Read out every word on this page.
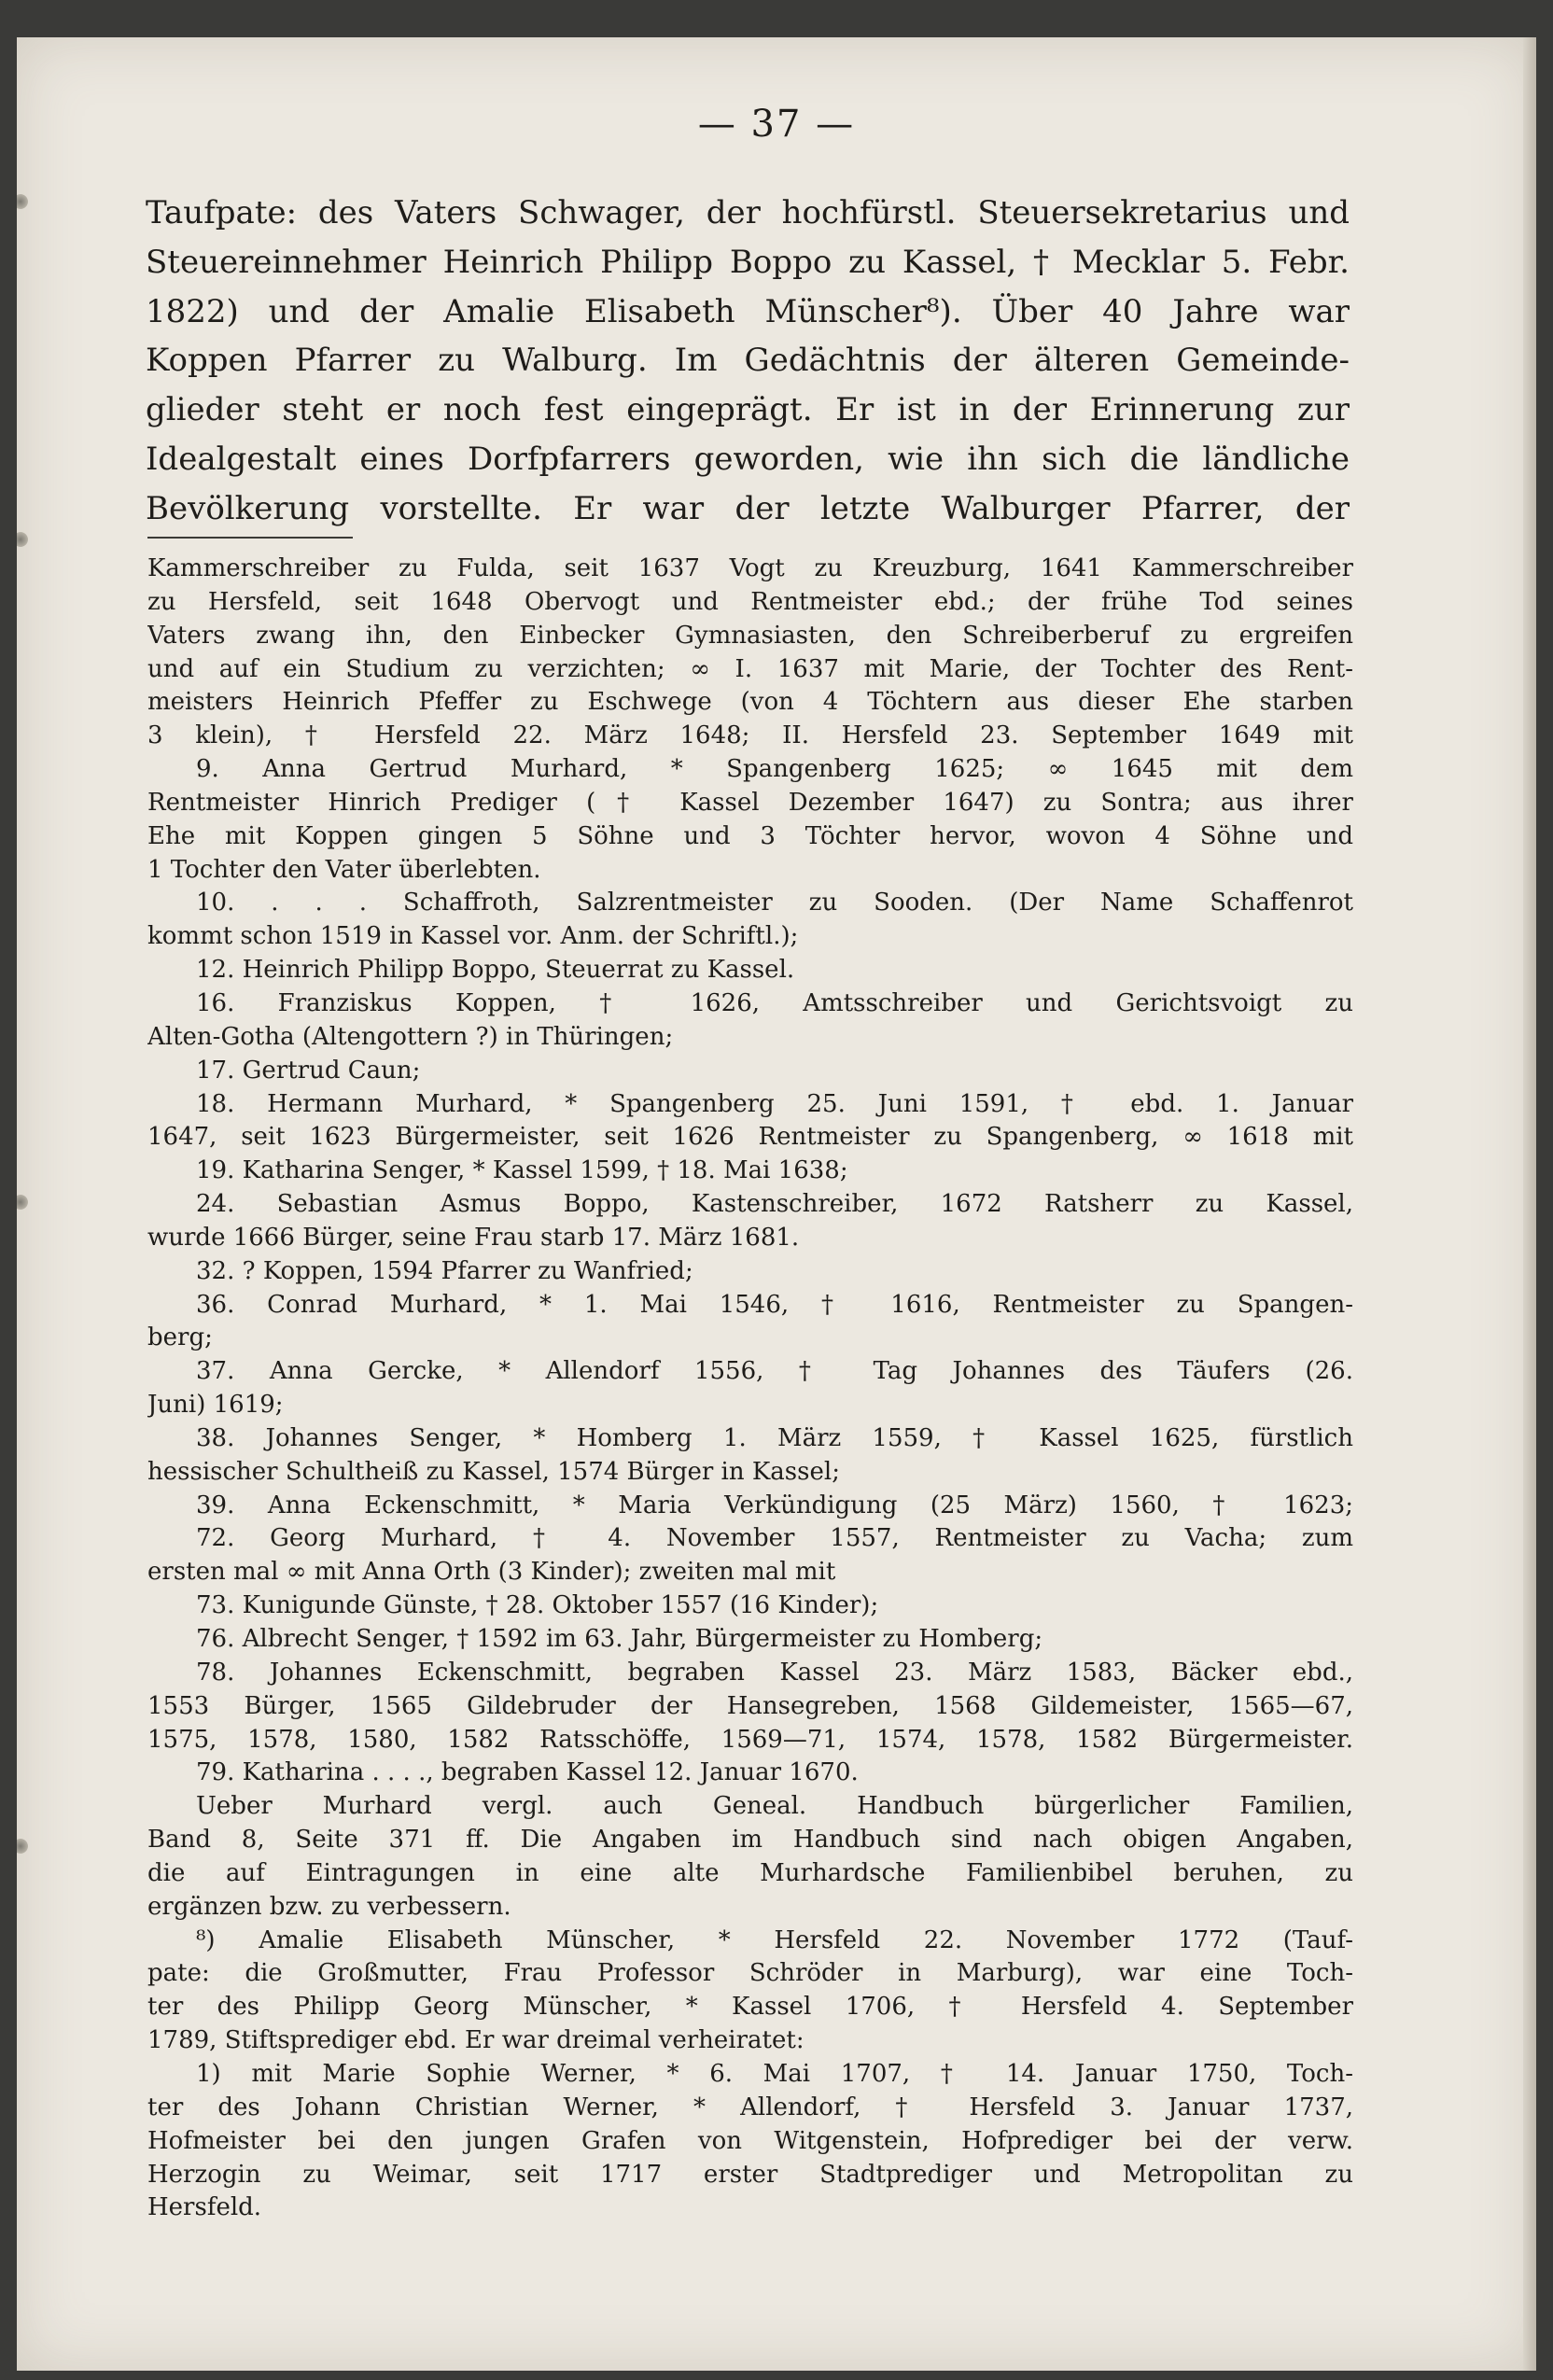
— 37 —
Taufpate: des Vaters Schwager, der hochfürstl. Steuersekretarius und
Steuereinnehmer Heinrich Philipp Boppo zu Kassel, † Mecklar 5. Febr.
1822) und der Amalie Elisabeth Münscher⁸). Über 40 Jahre war
Koppen Pfarrer zu Walburg. Im Gedächtnis der älteren Gemeinde-
glieder steht er noch fest eingeprägt. Er ist in der Erinnerung zur
Idealgestalt eines Dorfpfarrers geworden, wie ihn sich die ländliche
Bevölkerung vorstellte. Er war der letzte Walburger Pfarrer, der
Kammerschreiber zu Fulda, seit 1637 Vogt zu Kreuzburg, 1641 Kammerschreiber
zu Hersfeld, seit 1648 Obervogt und Rentmeister ebd.; der frühe Tod seines
Vaters zwang ihn, den Einbecker Gymnasiasten, den Schreiberberuf zu ergreifen
und auf ein Studium zu verzichten; ∞ I. 1637 mit Marie, der Tochter des Rent-
meisters Heinrich Pfeffer zu Eschwege (von 4 Töchtern aus dieser Ehe starben
3 klein), † Hersfeld 22. März 1648; II. Hersfeld 23. September 1649 mit
9. Anna Gertrud Murhard, * Spangenberg 1625; ∞ 1645 mit dem
Rentmeister Hinrich Prediger († Kassel Dezember 1647) zu Sontra; aus ihrer
Ehe mit Koppen gingen 5 Söhne und 3 Töchter hervor, wovon 4 Söhne und
1 Tochter den Vater überlebten.
10. . . . Schaffroth, Salzrentmeister zu Sooden. (Der Name Schaffenrot
kommt schon 1519 in Kassel vor. Anm. der Schriftl.);
12. Heinrich Philipp Boppo, Steuerrat zu Kassel.
16. Franziskus Koppen, † 1626, Amtsschreiber und Gerichtsvoigt zu
Alten-Gotha (Altengottern ?) in Thüringen;
17. Gertrud Caun;
18. Hermann Murhard, * Spangenberg 25. Juni 1591, † ebd. 1. Januar
1647, seit 1623 Bürgermeister, seit 1626 Rentmeister zu Spangenberg, ∞ 1618 mit
19. Katharina Senger, * Kassel 1599, † 18. Mai 1638;
24. Sebastian Asmus Boppo, Kastenschreiber, 1672 Ratsherr zu Kassel,
wurde 1666 Bürger, seine Frau starb 17. März 1681.
32. ? Koppen, 1594 Pfarrer zu Wanfried;
36. Conrad Murhard, * 1. Mai 1546, † 1616, Rentmeister zu Spangen-
berg;
37. Anna Gercke, * Allendorf 1556, † Tag Johannes des Täufers (26.
Juni) 1619;
38. Johannes Senger, * Homberg 1. März 1559, † Kassel 1625, fürstlich
hessischer Schultheiß zu Kassel, 1574 Bürger in Kassel;
39. Anna Eckenschmitt, * Maria Verkündigung (25 März) 1560, † 1623;
72. Georg Murhard, † 4. November 1557, Rentmeister zu Vacha; zum
ersten mal ∞ mit Anna Orth (3 Kinder); zweiten mal mit
73. Kunigunde Günste, † 28. Oktober 1557 (16 Kinder);
76. Albrecht Senger, † 1592 im 63. Jahr, Bürgermeister zu Homberg;
78. Johannes Eckenschmitt, begraben Kassel 23. März 1583, Bäcker ebd.,
1553 Bürger, 1565 Gildebruder der Hansegreben, 1568 Gildemeister, 1565—67,
1575, 1578, 1580, 1582 Ratsschöffe, 1569—71, 1574, 1578, 1582 Bürgermeister.
79. Katharina . . . ., begraben Kassel 12. Januar 1670.
Ueber Murhard vergl. auch Geneal. Handbuch bürgerlicher Familien,
Band 8, Seite 371 ff. Die Angaben im Handbuch sind nach obigen Angaben,
die auf Eintragungen in eine alte Murhardsche Familienbibel beruhen, zu
ergänzen bzw. zu verbessern.
⁸) Amalie Elisabeth Münscher, * Hersfeld 22. November 1772 (Tauf-
pate: die Großmutter, Frau Professor Schröder in Marburg), war eine Toch-
ter des Philipp Georg Münscher, * Kassel 1706, † Hersfeld 4. September
1789, Stiftsprediger ebd. Er war dreimal verheiratet:
1) mit Marie Sophie Werner, * 6. Mai 1707, † 14. Januar 1750, Toch-
ter des Johann Christian Werner, * Allendorf, † Hersfeld 3. Januar 1737,
Hofmeister bei den jungen Grafen von Witgenstein, Hofprediger bei der verw.
Herzogin zu Weimar, seit 1717 erster Stadtprediger und Metropolitan zu
Hersfeld.
